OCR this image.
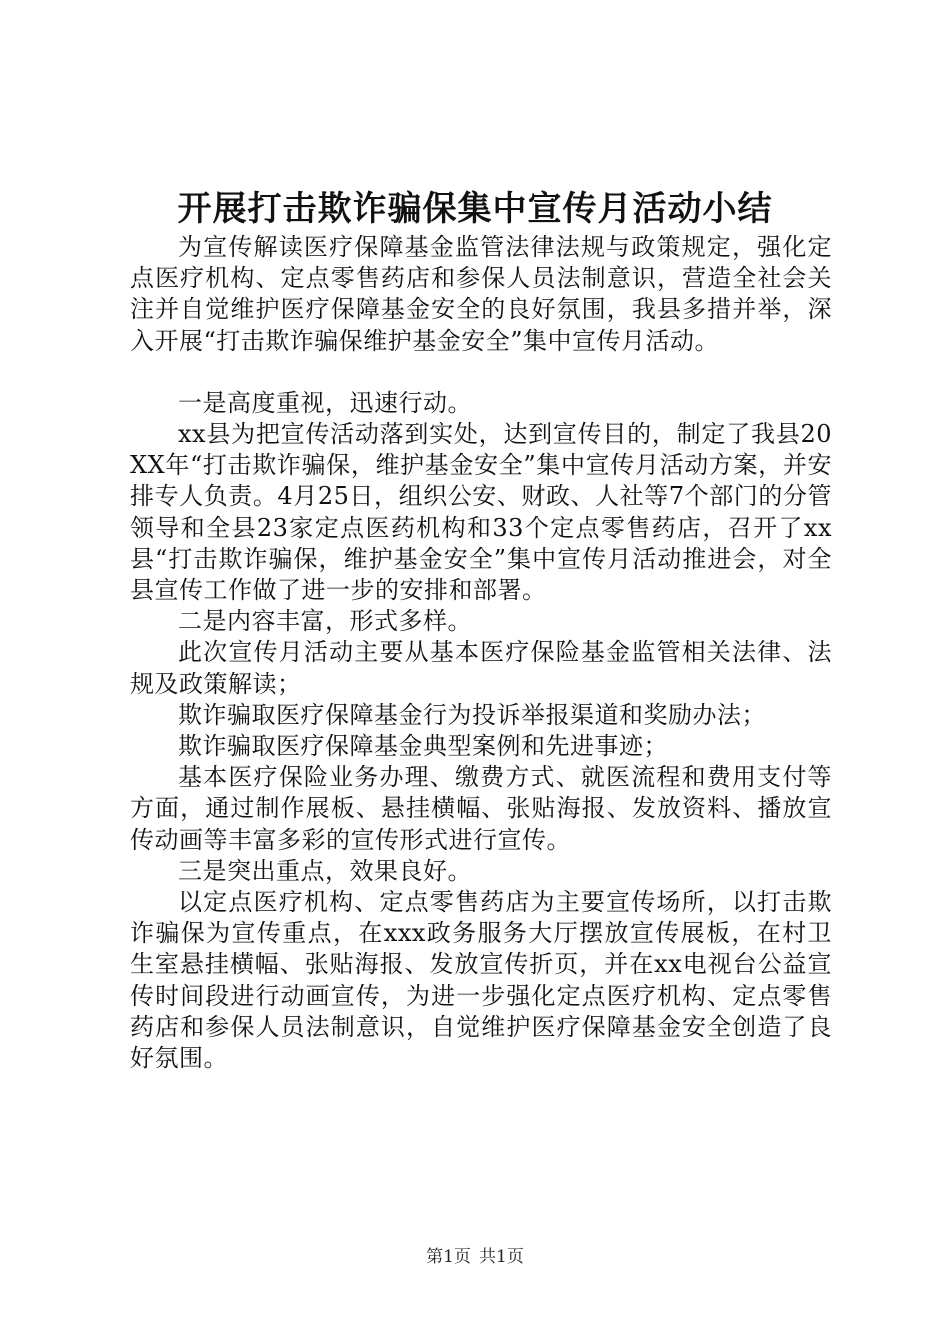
开展打击欺诈骗保集中宣传月活动小结

为宣传解读医疗保障基金监管法律法规与政策规定，强化定点医疗机构、定点零售药店和参保人员法制意识，营造全社会关注并自觉维护医疗保障基金安全的良好氛围，我县多措并举，深入开展“打击欺诈骗保维护基金安全”集中宣传月活动。

一是高度重视，迅速行动。

xx县为把宣传活动落到实处，达到宣传目的，制定了我县20XX年“打击欺诈骗保，维护基金安全”集中宣传月活动方案，并安排专人负责。4月25日，组织公安、财政、人社等7个部门的分管领导和全县23家定点医药机构和33个定点零售药店，召开了xx县“打击欺诈骗保，维护基金安全”集中宣传月活动推进会，对全县宣传工作做了进一步的安排和部署。

二是内容丰富，形式多样。

此次宣传月活动主要从基本医疗保险基金监管相关法律、法规及政策解读；

欺诈骗取医疗保障基金行为投诉举报渠道和奖励办法；

欺诈骗取医疗保障基金典型案例和先进事迹；

基本医疗保险业务办理、缴费方式、就医流程和费用支付等方面，通过制作展板、悬挂横幅、张贴海报、发放资料、播放宣传动画等丰富多彩的宣传形式进行宣传。

三是突出重点，效果良好。

以定点医疗机构、定点零售药店为主要宣传场所，以打击欺诈骗保为宣传重点，在xxx政务服务大厅摆放宣传展板，在村卫生室悬挂横幅、张贴海报、发放宣传折页，并在xx电视台公益宣传时间段进行动画宣传，为进一步强化定点医疗机构、定点零售药店和参保人员法制意识，自觉维护医疗保障基金安全创造了良好氛围。

第1页 共1页
